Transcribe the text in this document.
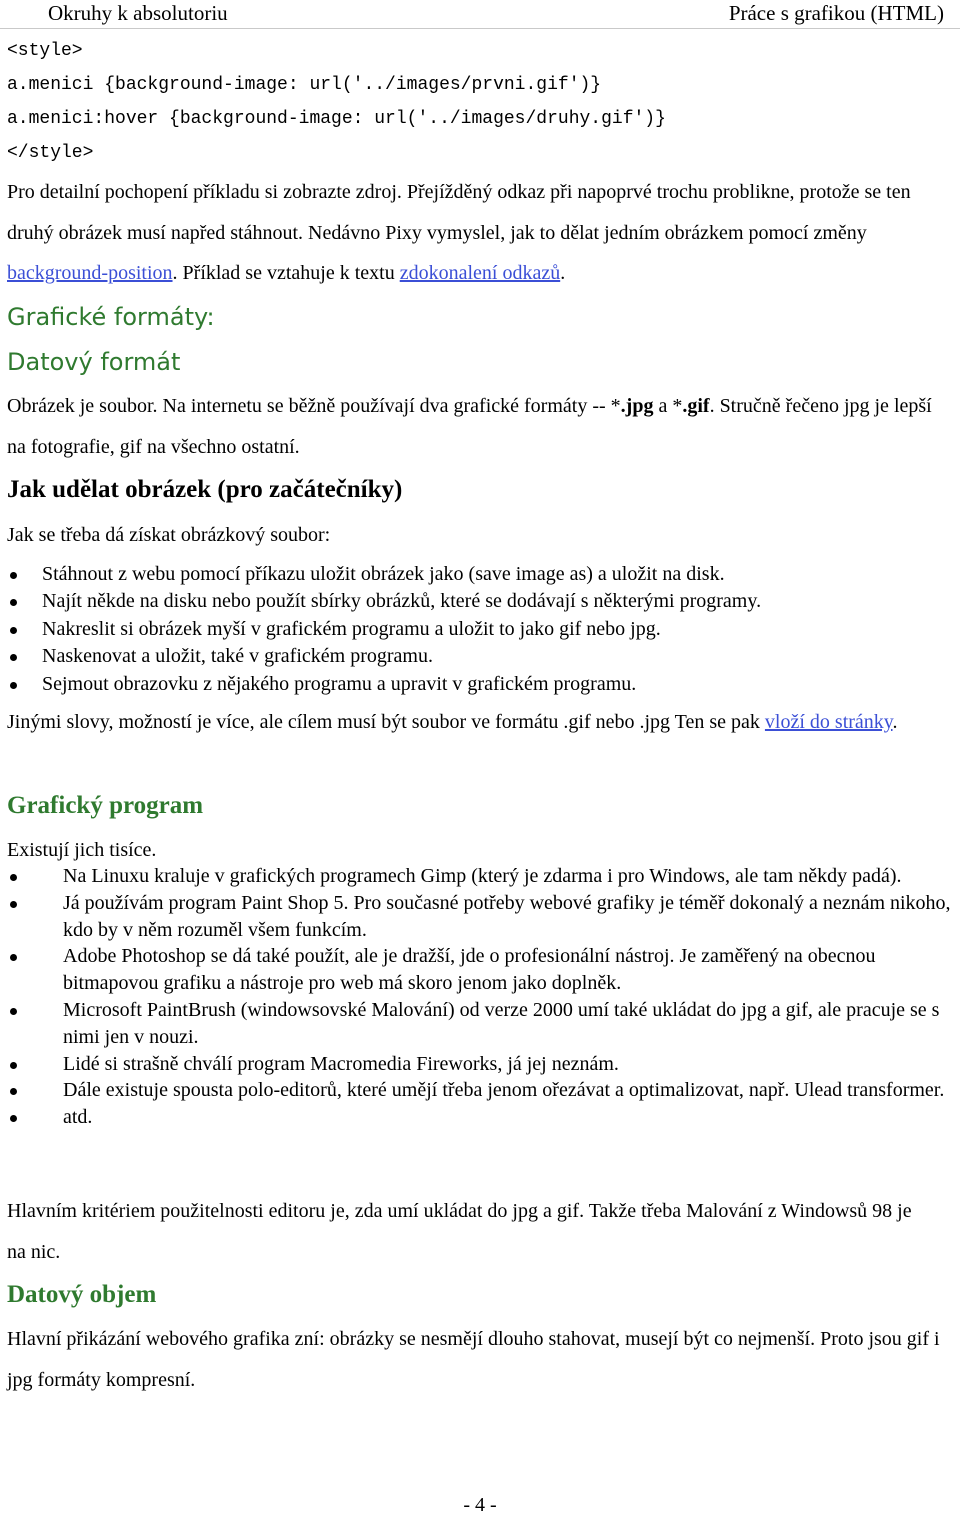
Okruhy k absolutoriu	Práce s grafikou (HTML)
<style>
a.menici {background-image: url('../images/prvni.gif')}
a.menici:hover {background-image: url('../images/druhy.gif')}
</style>

Pro detailní pochopení příkladu si zobrazte zdroj. Přejížděný odkaz při napoprvé trochu problikne, protože se ten druhý obrázek musí napřed stáhnout. Nedávno Pixy vymyslel, jak to dělat jedním obrázkem pomocí změny background-position. Příklad se vztahuje k textu zdokonalení odkazů.

Grafické formáty:
Datový formát

Obrázek je soubor. Na internetu se běžně používají dva grafické formáty -- *.jpg a *.gif. Stručně řečeno jpg je lepší na fotografie, gif na všechno ostatní.

Jak udělat obrázek (pro začátečníky)

Jak se třeba dá získat obrázkový soubor:

Stáhnout z webu pomocí příkazu uložit obrázek jako (save image as) a uložit na disk.
Najít někde na disku nebo použít sbírky obrázků, které se dodávají s některými programy.
Nakreslit si obrázek myší v grafickém programu a uložit to jako gif nebo jpg.
Naskenovat a uložit, také v grafickém programu.
Sejmout obrazovku z nějakého programu a upravit v grafickém programu.

Jinými slovy, možností je více, ale cílem musí být soubor ve formátu .gif nebo .jpg Ten se pak vloží do stránky.

Grafický program

Existují jich tisíce.

Na Linuxu kraluje v grafických programech Gimp (který je zdarma i pro Windows, ale tam někdy padá).
Já používám program Paint Shop 5. Pro současné potřeby webové grafiky je téměř dokonalý a neznám nikoho, kdo by v něm rozuměl všem funkcím.
Adobe Photoshop se dá také použít, ale je dražší, jde o profesionální nástroj. Je zaměřený na obecnou bitmapovou grafiku a nástroje pro web má skoro jenom jako doplněk.
Microsoft PaintBrush (windowsovské Malování) od verze 2000 umí také ukládat do jpg a gif, ale pracuje se s nimi jen v nouzi.
Lidé si strašně chválí program Macromedia Fireworks, já jej neznám.
Dále existuje spousta polo-editorů, které umějí třeba jenom ořezávat a optimalizovat, např. Ulead transformer.
atd.

Hlavním kritériem použitelnosti editoru je, zda umí ukládat do jpg a gif. Takže třeba Malování z Windowsů 98 je na nic.

Datový objem

Hlavní přikázání webového grafika zní: obrázky se nesmějí dlouho stahovat, musejí být co nejmenší. Proto jsou gif i jpg formáty kompresní.

- 4 -
